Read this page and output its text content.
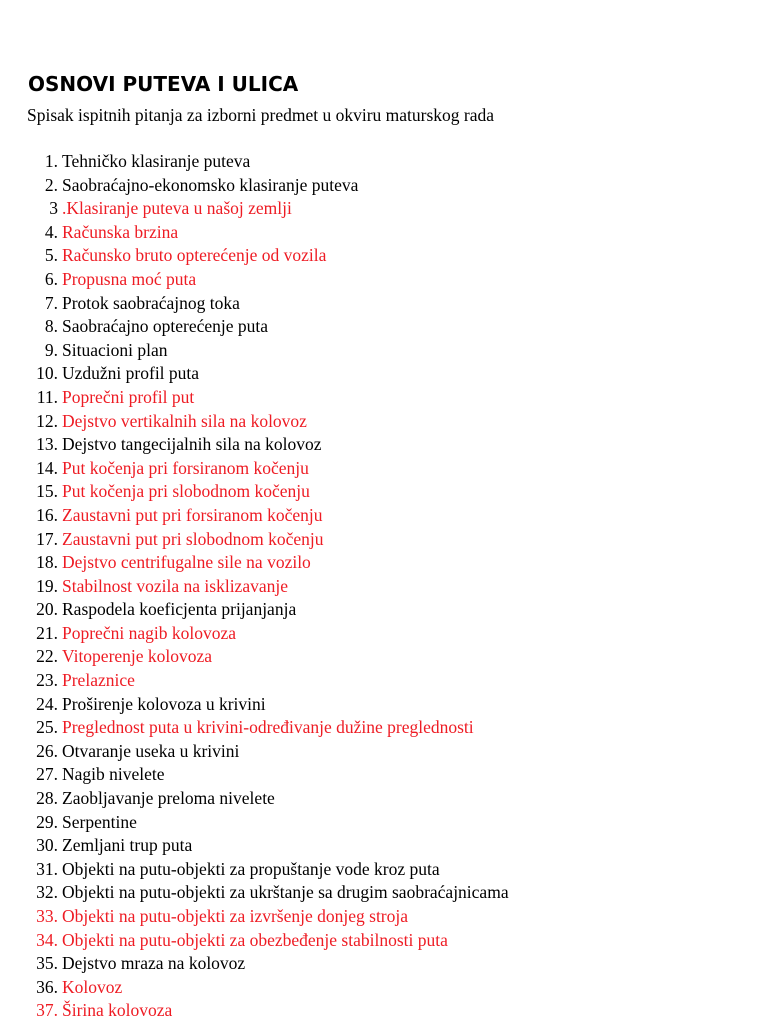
OSNOVI PUTEVA I ULICA

Spisak ispitnih pitanja za izborni predmet u okviru maturskog rada

1. Tehničko klasiranje puteva
2. Saobraćajno-ekonomsko klasiranje puteva
3 .Klasiranje puteva u našoj zemlji
4. Računska brzina
5. Računsko bruto opterećenje od vozila
6. Propusna moć puta
7. Protok saobraćajnog toka
8. Saobraćajno opterećenje puta
9. Situacioni plan
10. Uzdužni profil puta
11. Poprečni profil put
12. Dejstvo vertikalnih sila na kolovoz
13. Dejstvo tangecijalnih sila na kolovoz
14. Put kočenja pri forsiranom kočenju
15. Put kočenja pri slobodnom kočenju
16. Zaustavni put pri forsiranom kočenju
17. Zaustavni put pri slobodnom kočenju
18. Dejstvo centrifugalne sile na vozilo
19. Stabilnost vozila na isklizavanje
20. Raspodela koeficjenta prijanjanja
21. Poprečni nagib kolovoza
22. Vitoperenje kolovoza
23. Prelaznice
24. Proširenje kolovoza u krivini
25. Preglednost puta u krivini-određivanje dužine preglednosti
26. Otvaranje useka u krivini
27. Nagib nivelete
28. Zaobljavanje preloma nivelete
29. Serpentine
30. Zemljani trup puta
31. Objekti na putu-objekti za propuštanje vode kroz puta
32. Objekti na putu-objekti za ukrštanje sa drugim saobraćajnicama
33. Objekti na putu-objekti za izvršenje donjeg stroja
34. Objekti na putu-objekti za obezbeđenje stabilnosti puta
35. Dejstvo mraza na kolovoz
36. Kolovoz
37. Širina kolovoza
